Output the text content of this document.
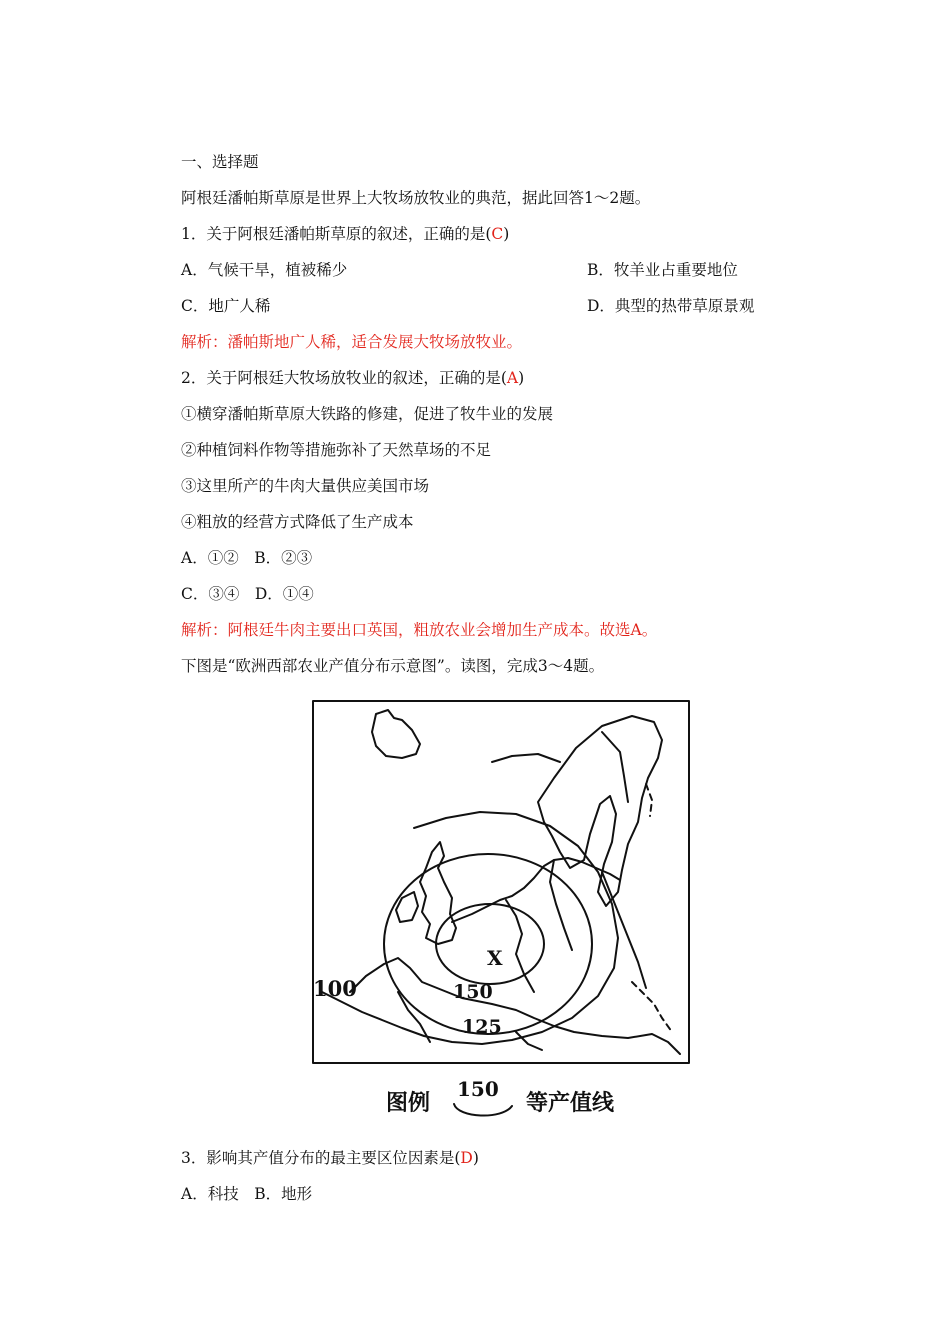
一、选择题
阿根廷潘帕斯草原是世界上大牧场放牧业的典范，据此回答1～2题。
1．关于阿根廷潘帕斯草原的叙述，正确的是(C)
A．气候干旱，植被稀少	B．牧羊业占重要地位
C．地广人稀	D．典型的热带草原景观
解析：潘帕斯地广人稀，适合发展大牧场放牧业。
2．关于阿根廷大牧场放牧业的叙述，正确的是(A)
①横穿潘帕斯草原大铁路的修建，促进了牧牛业的发展
②种植饲料作物等措施弥补了天然草场的不足
③这里所产的牛肉大量供应美国市场
④粗放的经营方式降低了生产成本
A．①②　B．②③
C．③④　D．①④
解析：阿根廷牛肉主要出口英国，粗放农业会增加生产成本。故选A。
下图是“欧洲西部农业产值分布示意图”。读图，完成3～4题。
X
150
125
100
图例
150
等产值线
3．影响其产值分布的最主要区位因素是(D)
A．科技　B．地形
